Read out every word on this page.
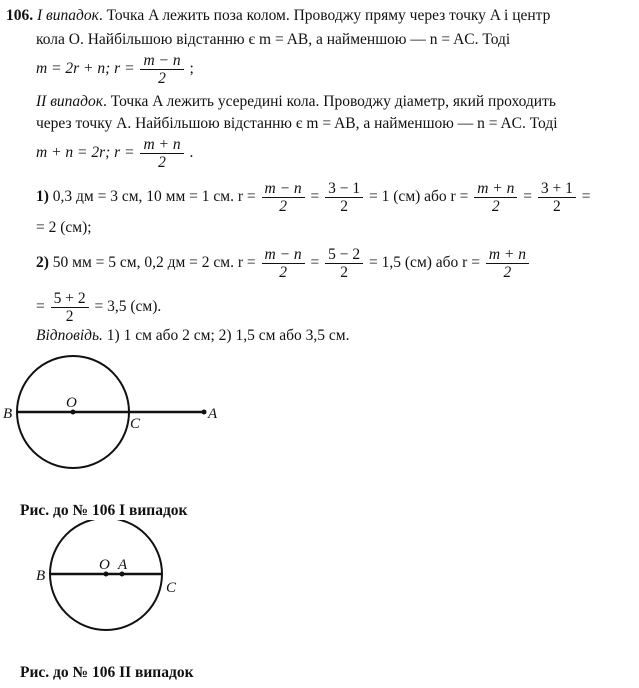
106. І випадок. Точка A лежить поза колом. Проводжу пряму через точку A і центр
кола O. Найбільшою відстанню є m = AB, а найменшою — n = AC. Тоді
m = 2r + n; $r = \frac{m - n}{2}$ ;
ІІ випадок. Точка A лежить усередині кола. Проводжу діаметр, який проходить
через точку A. Найбільшою відстанню є m = AB, а найменшою — n = AC. Тоді
m + n = 2r; $r = \frac{m + n}{2}$ .
1) 0,3 дм = 3 см, 10 мм = 1 см. $r = \frac{m - n}{2} = \frac{3 - 1}{2} = 1$ (см) або $r = \frac{m + n}{2} = \frac{3 + 1}{2}$ =
= 2 (см);
2) 50 мм = 5 см, 0,2 дм = 2 см. $r = \frac{m - n}{2} = \frac{5 - 2}{2} = 1,5$ (см) або $r = \frac{m + n}{2}$
= $\frac{5 + 2}{2} = 3,5$ (см).
Відповідь. 1) 1 см або 2 см; 2) 1,5 см або 3,5 см.
B
O
C
A
Рис. до № 106 І випадок
B
O A
C
Рис. до № 106 ІІ випадок
